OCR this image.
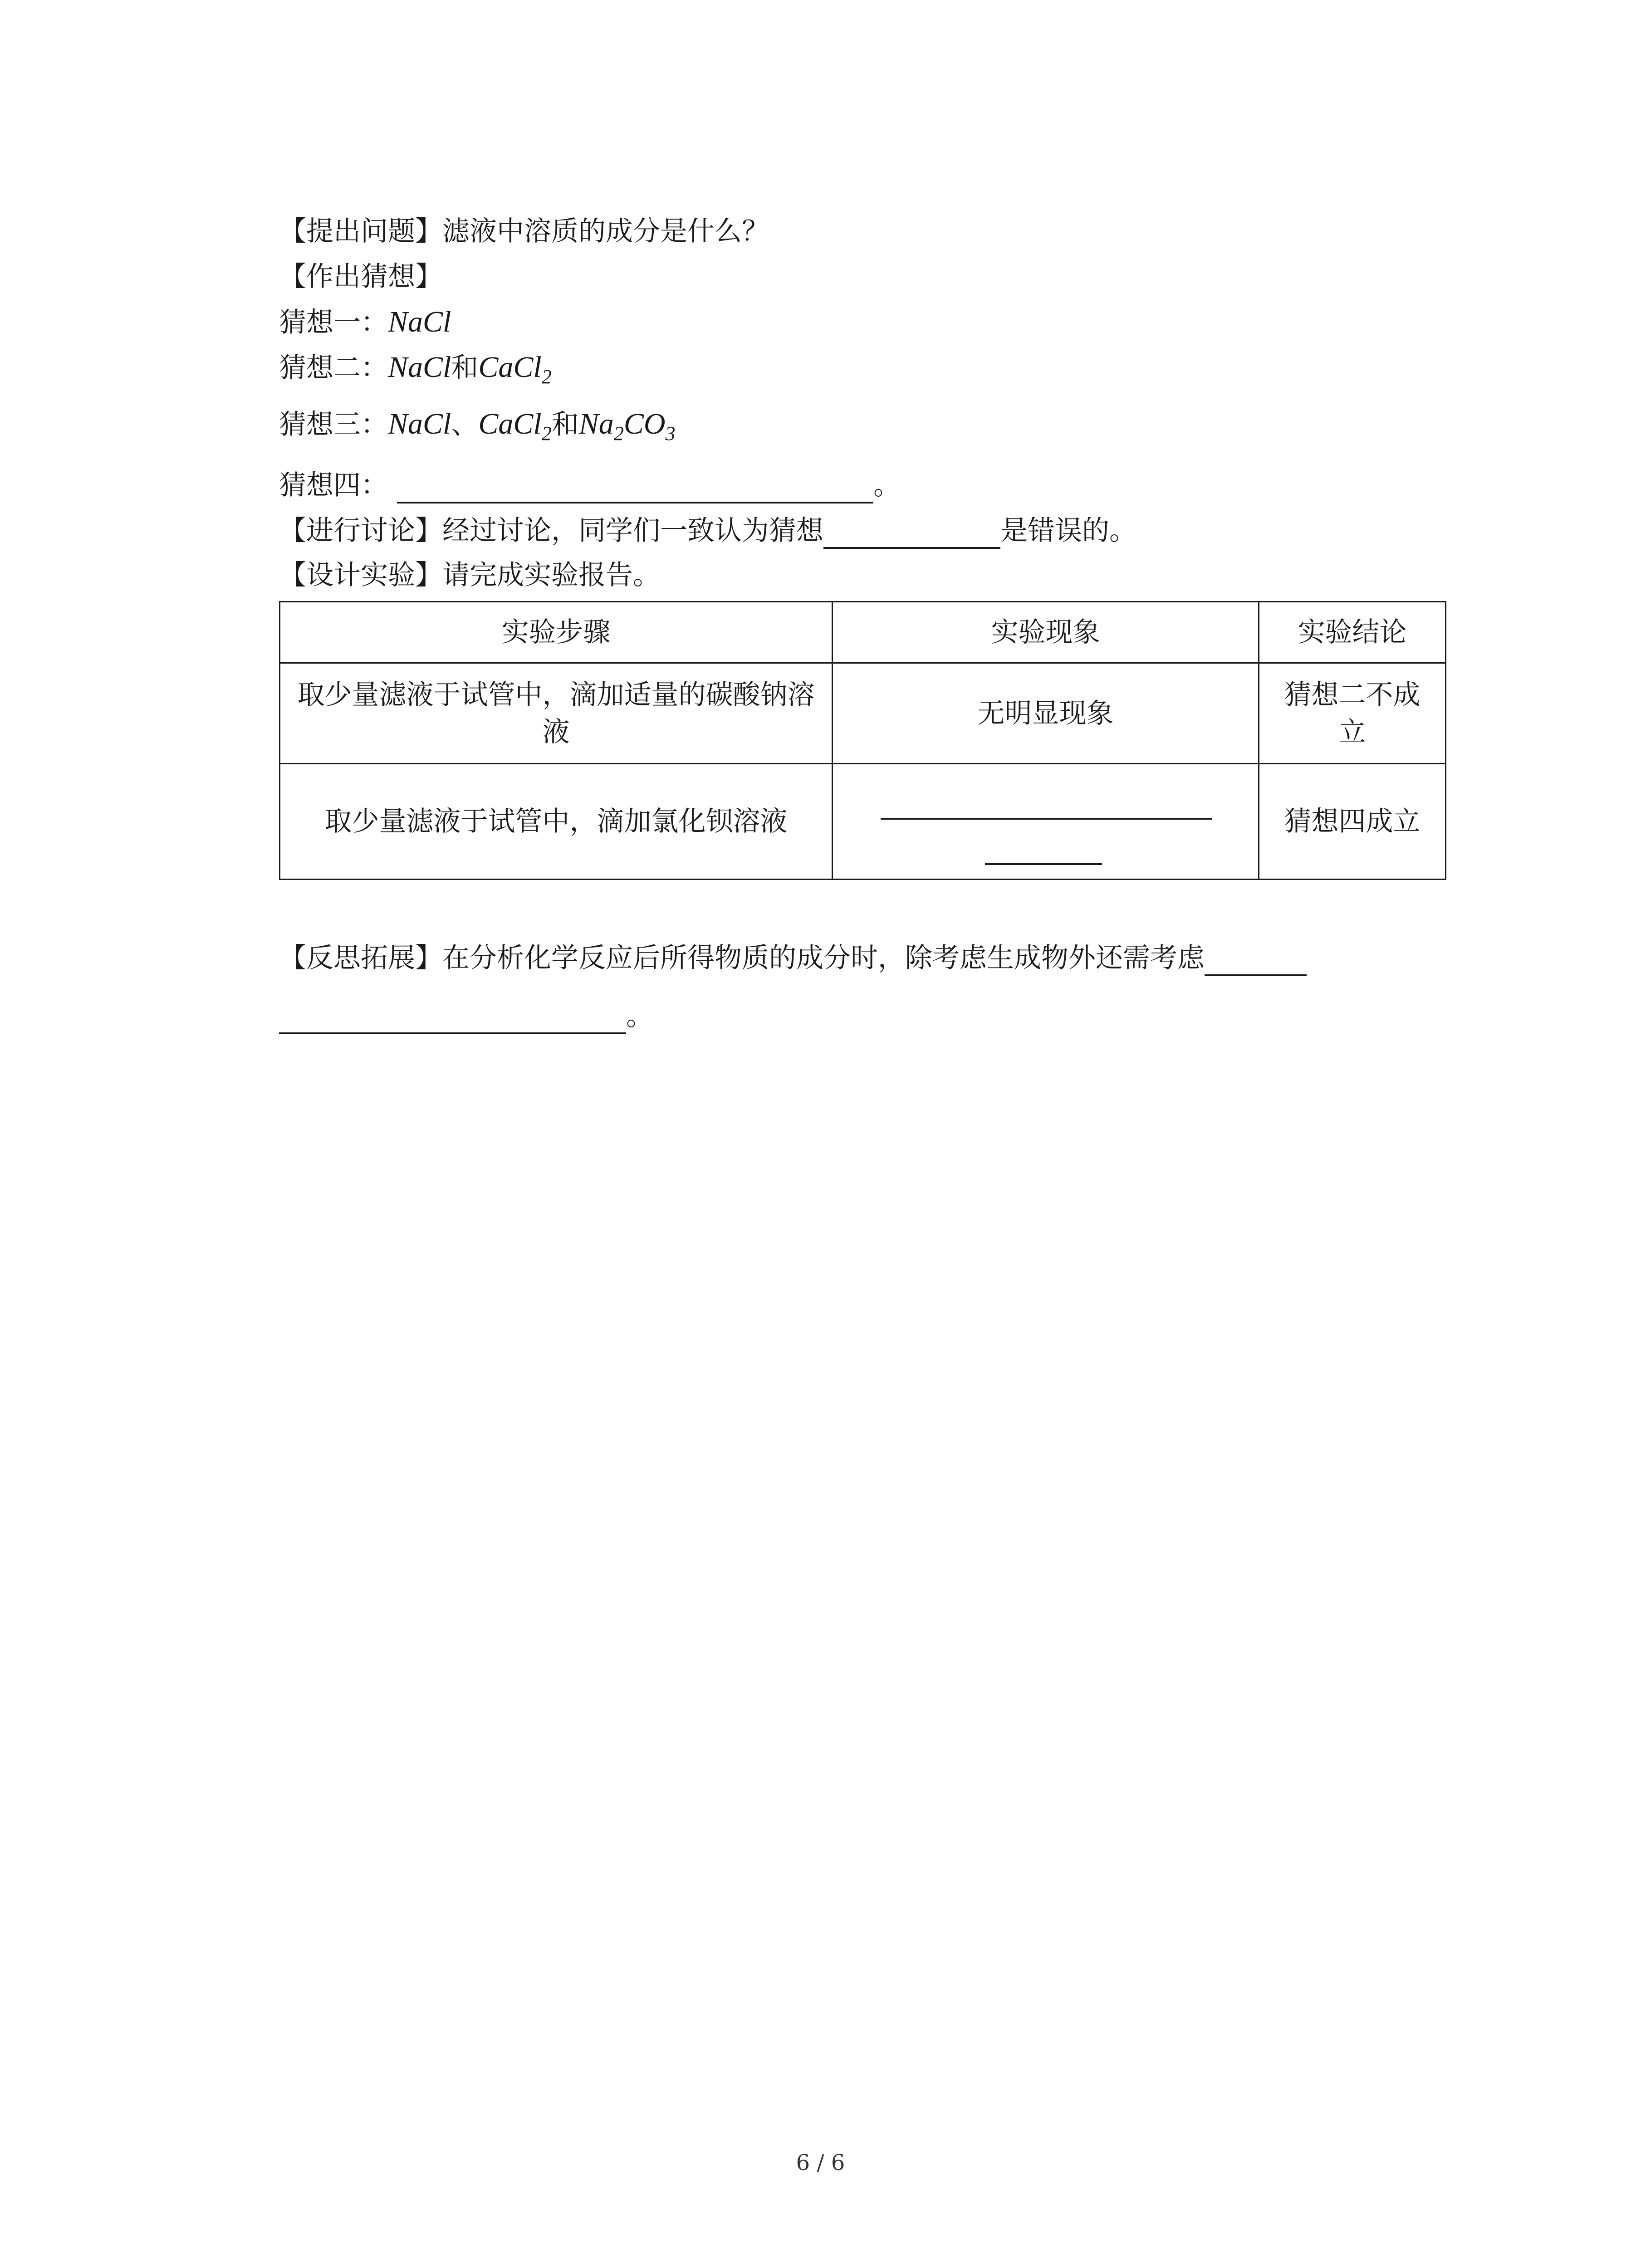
【提出问题】滤液中溶质的成分是什么？
【作出猜想】
猜想一：NaCl
猜想二：NaCl和CaCl$_2$
猜想三：NaCl、CaCl$_2$和$Na_2CO_3$
猜想四：	。
【进行讨论】经过讨论，同学们一致认为猜想	是错误的。
【设计实验】请完成实验报告。
实验步骤	实验现象	实验结论
取少量滤液于试管中，滴加适量的碳酸钠溶液	无明显现象	猜想二不成立
取少量滤液于试管中，滴加氯化钡溶液		猜想四成立
【反思拓展】在分析化学反应后所得物质的成分时，除考虑生成物外还需考虑
。
6 / 6
